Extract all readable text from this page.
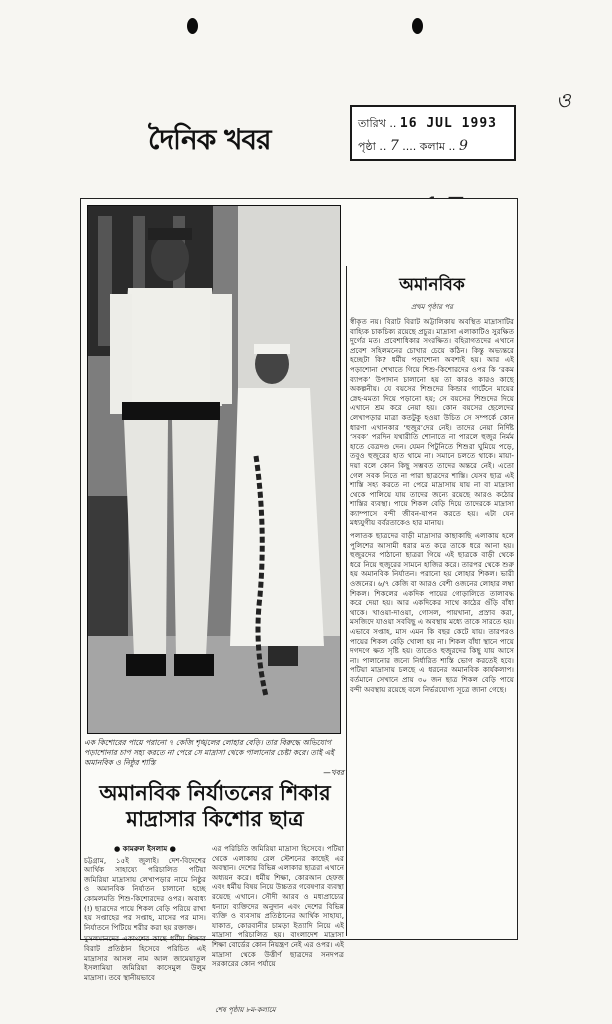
ও
দৈনিক খবর	তারিখ .. 16 JUL 1993
পৃষ্ঠা .. 7 .... কলাম .. 9
এক কিশোরের পায়ে পরানো ৭ কেজি শৃঙ্খলের লোহার বেড়ি। তার বিরুদ্ধে অভিযোগ পড়াশোনার চাপ সহ্য করতে না পেরে সে মাদ্রাসা থেকে পালানোর চেষ্টা করে। তাই এই অমানবিক ও নিষ্ঠুর শাস্তি
—খবর
অমানবিক নির্যাতনের শিকার
মাদ্রাসার কিশোর ছাত্র

● কামরুল ইসলাম ●

চট্টগ্রাম, ১৫ই জুলাই। দেশ-বিদেশের আর্থিক সাহায্যে পরিচালিত পটিয়া জমিরিয়া মাদ্রাসায় লেখাপড়ার নামে নিষ্ঠুর ও অমানবিক নির্যাতন চালানো হচ্ছে কোমলমতি শিশু-কিশোরদের ওপর। অবাধ্য (!) ছাত্রদের পায়ে শিকল বেড়ি পরিয়ে রাখা হয় সপ্তাহের পর সপ্তাহ, মাসের পর মাস। নির্যাতনে পিটিয়ে শরীর করা হয় রক্তাক্ত।

মুসলমানদের একাংশের কাছে ধর্মীয় শিক্ষার বিরাট প্রতিষ্ঠান হিসেবে পরিচিত এই মাদ্রাসার আসল নাম আল জামেয়াতুল ইসলামিয়া জমিরিয়া কাসেমুল উলুম মাদ্রাসা। তবে স্থানীয়ভাবে

এর পরিচিতি জমিরিয়া মাদ্রাসা হিসেবে। পটিয়া থেকে এলাকায় রেল স্টেশনের কাছেই এর অবস্থান। দেশের বিভিন্ন এলাকার ছাত্ররা এখানে অধ্যয়ন করে। ধর্মীয় শিক্ষা, কোরআন হেফজ এবং ধর্মীয় বিষয় নিয়ে উচ্চতর গবেষণার ব্যবস্থা রয়েছে এখানে। সৌদী আরব ও মধ্যপ্রাচ্যের ধনাঢ্য ব্যক্তিদের অনুদান এবং দেশের বিভিন্ন ব্যক্তি ও ব্যবসায় প্রতিষ্ঠানের আর্থিক সাহায্য, যাকাত, কোরবানীর চামড়া ইত্যাদি নিয়ে এই মাদ্রাসা পরিচালিত হয়। বাংলাদেশ মাদ্রাসা শিক্ষা বোর্ডের কোন নিয়ন্ত্রণ নেই এর ওপর। এই মাদ্রাসা থেকে উত্তীর্ণ ছাত্রদের সনদপত্র সরকারের কোন পর্যায়ে

শেষ পৃষ্ঠায় ৮ম-কলামে
অমানবিক
প্রথম পৃষ্ঠার পর

স্বীকৃত নয়। বিরাট বিরাট অট্টালিকায় অবস্থিত মাদ্রাসাটির বাহ্যিক চাকচিক্য রয়েছে প্রচুর। মাদ্রাসা এলাকাটিও সুরক্ষিত দুর্গের মত। প্রবেশাধিকার সংরক্ষিত। বহিরাগতদের এখানে প্রবেশ সহিলমনের চোখার চেয়ে কঠিন। কিন্তু অভ্যন্তরে হচ্ছেটা কি? ধর্মীয় পড়াশোনা অবশ্যই হয়। আর এই পড়াশোনা শেখাতে গিয়ে শিশু-কিশোরদের ওপর কি ‘রকম ব্যাপক’ উপাদান চালানো হয় তা কারও কারও কাছে অকল্পনীয়। যে বয়সের শিশুদের কিন্ডার গার্টেনে মায়ের স্নেহ-মমতা দিয়ে পড়ানো হয়; সে বয়সের শিশুদের দিয়ে এখানে শ্রম করে নেয়া হয়। কোন বয়সের ছেলেদের লেখাপড়ার মাত্রা কতটুকু হওয়া উচিত সে সম্পর্কে কোন ধারণা এখানকার ‘হুজুর’দের নেই। তাদের নেয়া নির্দিষ্ট ‘সবক’ পরদিন যথারীতি শোনাতে না পারলে হুজুর নির্মম হাতে বেত্রদণ্ড দেন। যেমন পিটুনিতে শিশুরা ঘুমিয়ে পড়ে, তবুও হুজুরের হাত থামে না। সমানে চলতে থাকে। মায়া-দয়া বলে কোন কিছু সম্ভবত তাদের অন্তরে নেই। এতো গেল সবক নিতে না পারা ছাত্রদের শাস্তি। যেসব ছাত্র এই শাস্তি সহ্য করতে না পেরে মাদ্রাসায় যায় না বা মাদ্রাসা থেকে পালিয়ে যায় তাদের জন্যে রয়েছে আরও কঠোর শাস্তির ব্যবস্থা। পায়ে শিকল বেড়ি দিয়ে তাদেরকে মাদ্রাসা ক্যাম্পাসে বন্দী জীবন-যাপন করতে হয়। এটা যেন মধ্যযুগীয় বর্বরতাকেও হার মানায়।

পলাতক ছাত্রদের বাড়ী মাদ্রাসার কাছাকাছি এলাকায় হলে পুলিশের আসামী ধরার মত করে তাকে ধরে আনা হয়। হুজুরদের পাঠানো ছাত্ররা গিয়ে এই ছাত্রকে বাড়ী থেকে ধরে নিয়ে হুজুরের সামনে হাজির করে। তারপর থেকে শুরু হয় অমানবিক নির্যাতন। পরানো হয় লোহার শিকল। ভারী ওজনের। ৬/৭ কেজি বা আরও বেশী ওজনের লোহার লম্বা শিকল। শিকলের একদিক পায়ের গোড়ালিতে তালাবদ্ধ করে দেয়া হয়। আর একদিকের সাথে কাঠের গুঁড়ি বাঁধা থাকে। খাওয়া-দাওয়া, গোসল, পায়খানা, প্রস্রাব করা, মসজিদে যাওয়া সববিছু এ অবস্থায় মধ্যে তাকে সারতে হয়। এভাবে সপ্তাহ, মাস এমন কি বছর কেটে যায়। তারপরও পায়ের শিকল বেড়ি খোলা হয় না। শিকল বাঁধা স্থানে পায়ে দগদগে ক্ষত সৃষ্টি হয়। তাতেও হুজুরদের কিছু যায় আসে না। পালানোর জন্যে নির্ধারিত শাস্তি ভোগ করতেই হবে। পটিয়া মাদ্রাসায় চলছে এ ধরনের অমানবিক কার্যকলাপ। বর্তমানে সেখানে প্রায় ৩০ জন ছাত্র শিকল বেড়ি পায়ে বন্দী অবস্থায় রয়েছে বলে নির্ভরযোগ্য সূত্রে জানা গেছে।
